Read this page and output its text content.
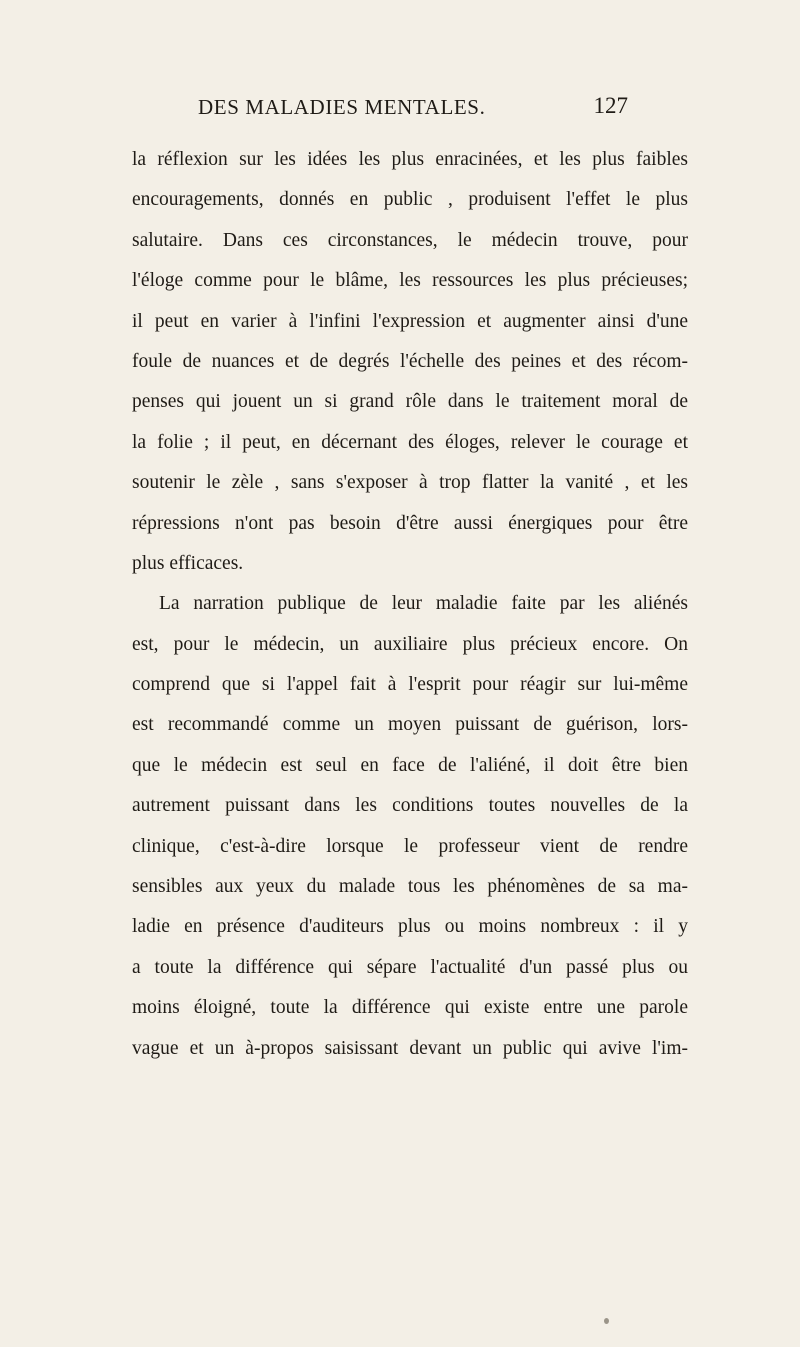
DES MALADIES MENTALES.	127
la réflexion sur les idées les plus enracinées, et les plus faibles
encouragements, donnés en public , produisent l'effet le plus
salutaire. Dans ces circonstances, le médecin trouve, pour
l'éloge comme pour le blâme, les ressources les plus précieuses;
il peut en varier à l'infini l'expression et augmenter ainsi d'une
foule de nuances et de degrés l'échelle des peines et des récom-
penses qui jouent un si grand rôle dans le traitement moral de
la folie ; il peut, en décernant des éloges, relever le courage et
soutenir le zèle , sans s'exposer à trop flatter la vanité , et les
répressions n'ont pas besoin d'être aussi énergiques pour être
plus efficaces.
La narration publique de leur maladie faite par les aliénés
est, pour le médecin, un auxiliaire plus précieux encore. On
comprend que si l'appel fait à l'esprit pour réagir sur lui-même
est recommandé comme un moyen puissant de guérison, lors-
que le médecin est seul en face de l'aliéné, il doit être bien
autrement puissant dans les conditions toutes nouvelles de la
clinique, c'est-à-dire lorsque le professeur vient de rendre
sensibles aux yeux du malade tous les phénomènes de sa ma-
ladie en présence d'auditeurs plus ou moins nombreux : il y
a toute la différence qui sépare l'actualité d'un passé plus ou
moins éloigné, toute la différence qui existe entre une parole
vague et un à-propos saisissant devant un public qui avive l'im-
